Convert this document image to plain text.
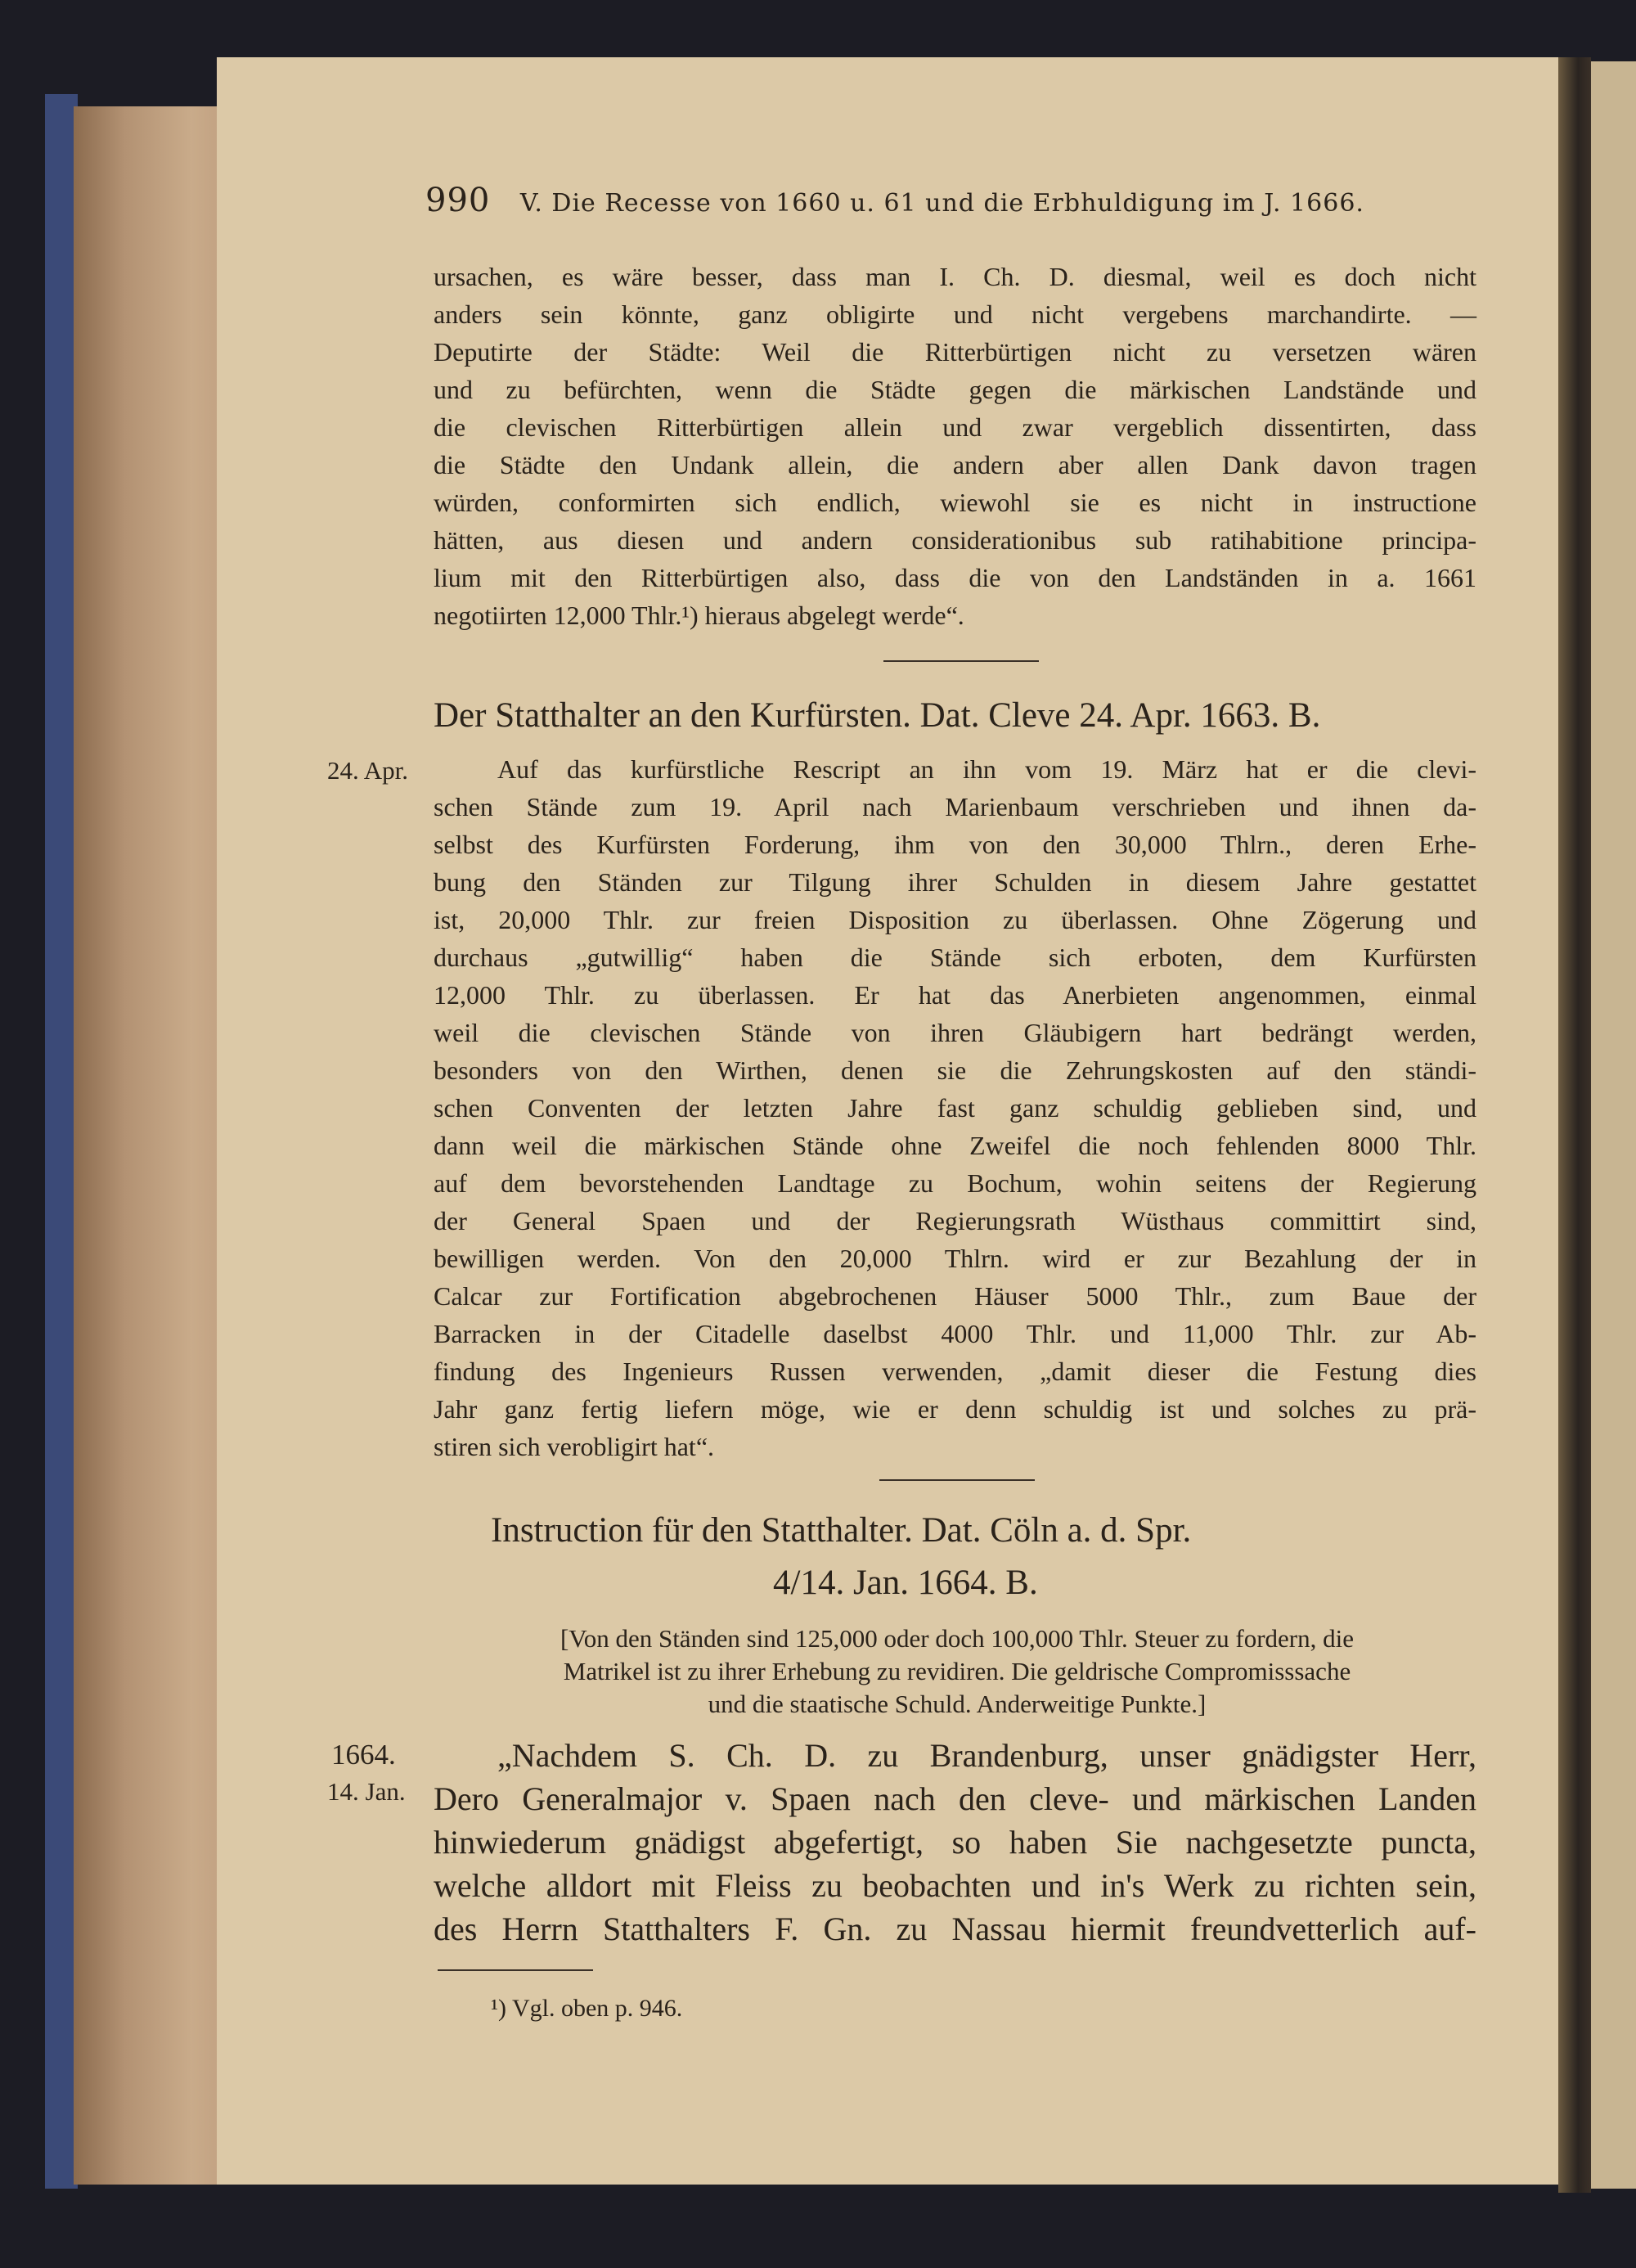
990 V. Die Recesse von 1660 u. 61 und die Erbhuldigung im J. 1666.
ursachen, es wäre besser, dass man I. Ch. D. diesmal, weil es doch nicht
anders sein könnte, ganz obligirte und nicht vergebens marchandirte. —
Deputirte der Städte: Weil die Ritterbürtigen nicht zu versetzen wären
und zu befürchten, wenn die Städte gegen die märkischen Landstände und
die clevischen Ritterbürtigen allein und zwar vergeblich dissentirten, dass
die Städte den Undank allein, die andern aber allen Dank davon tragen
würden, conformirten sich endlich, wiewohl sie es nicht in instructione
hätten, aus diesen und andern considerationibus sub ratihabitione principa-
lium mit den Ritterbürtigen also, dass die von den Landständen in a. 1661
negotiirten 12,000 Thlr.¹) hieraus abgelegt werde“.
Der Statthalter an den Kurfürsten. Dat. Cleve 24. Apr. 1663. B.
24. Apr.	Auf das kurfürstliche Rescript an ihn vom 19. März hat er die clevi-
schen Stände zum 19. April nach Marienbaum verschrieben und ihnen da-
selbst des Kurfürsten Forderung, ihm von den 30,000 Thlrn., deren Erhe-
bung den Ständen zur Tilgung ihrer Schulden in diesem Jahre gestattet
ist, 20,000 Thlr. zur freien Disposition zu überlassen. Ohne Zögerung und
durchaus „gutwillig“ haben die Stände sich erboten, dem Kurfürsten
12,000 Thlr. zu überlassen. Er hat das Anerbieten angenommen, einmal
weil die clevischen Stände von ihren Gläubigern hart bedrängt werden,
besonders von den Wirthen, denen sie die Zehrungskosten auf den ständi-
schen Conventen der letzten Jahre fast ganz schuldig geblieben sind, und
dann weil die märkischen Stände ohne Zweifel die noch fehlenden 8000 Thlr.
auf dem bevorstehenden Landtage zu Bochum, wohin seitens der Regierung
der General Spaen und der Regierungsrath Wüsthaus committirt sind,
bewilligen werden. Von den 20,000 Thlrn. wird er zur Bezahlung der in
Calcar zur Fortification abgebrochenen Häuser 5000 Thlr., zum Baue der
Barracken in der Citadelle daselbst 4000 Thlr. und 11,000 Thlr. zur Ab-
findung des Ingenieurs Russen verwenden, „damit dieser die Festung dies
Jahr ganz fertig liefern möge, wie er denn schuldig ist und solches zu prä-
stiren sich verobligirt hat“.
Instruction für den Statthalter. Dat. Cöln a. d. Spr.
4/14. Jan. 1664. B.
[Von den Ständen sind 125,000 oder doch 100,000 Thlr. Steuer zu fordern, die
Matrikel ist zu ihrer Erhebung zu revidiren. Die geldrische Compromisssache
und die staatische Schuld. Anderweitige Punkte.]
1664.
14. Jan.
„Nachdem S. Ch. D. zu Brandenburg, unser gnädigster Herr,
Dero Generalmajor v. Spaen nach den cleve- und märkischen Landen
hinwiederum gnädigst abgefertigt, so haben Sie nachgesetzte puncta,
welche alldort mit Fleiss zu beobachten und in's Werk zu richten sein,
des Herrn Statthalters F. Gn. zu Nassau hiermit freundvetterlich auf-
¹) Vgl. oben p. 946.
